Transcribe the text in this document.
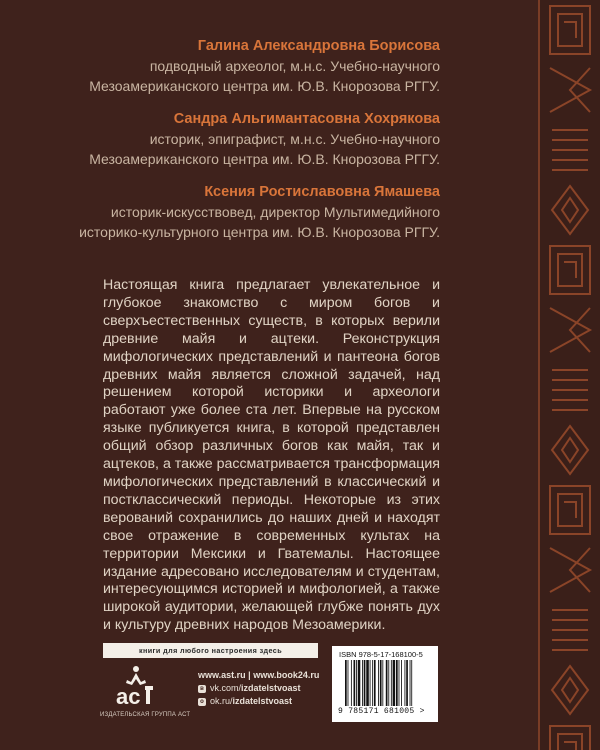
Галина Александровна Борисова
подводный археолог, м.н.с. Учебно-научного
Мезоамериканского центра им. Ю.В. Кнорозова РГГУ.
Сандра Альгимантасовна Хохрякова
историк, эпиграфист, м.н.с. Учебно-научного
Мезоамериканского центра им. Ю.В. Кнорозова РГГУ.
Ксения Ростиславовна Ямашева
историк-искусствовед, директор Мультимедийного
историко-культурного центра им. Ю.В. Кнорозова РГГУ.
Настоящая книга предлагает увлекательное и глубокое знакомство с миром богов и сверхъестественных существ, в которых верили древние майя и ацтеки. Реконструкция мифологических представлений и пантеона богов древних майя является сложной задачей, над решением которой историки и археологи работают уже более ста лет. Впервые на русском языке публикуется книга, в которой представлен общий обзор различных богов как майя, так и ацтеков, а также рассматривается трансформация мифологических представлений в классический и постклассический периоды. Некоторые из этих верований сохранились до наших дней и находят свое отражение в современных культах на территории Мексики и Гватемалы. Настоящее издание адресовано исследователям и студентам, интересующимся историей и мифологией, а также широкой аудитории, желающей глубже понять дух и культуру древних народов Мезоамерики.
книги для любого настроения здесь
ac
ИЗДАТЕЛЬСКАЯ ГРУППА АСТ
www.ast.ru | www.book24.ru
в vk.com/izdatelstvoast
о ok.ru/izdatelstvoast
ISBN 978-5-17-168100-5
9 785171 681005 >
